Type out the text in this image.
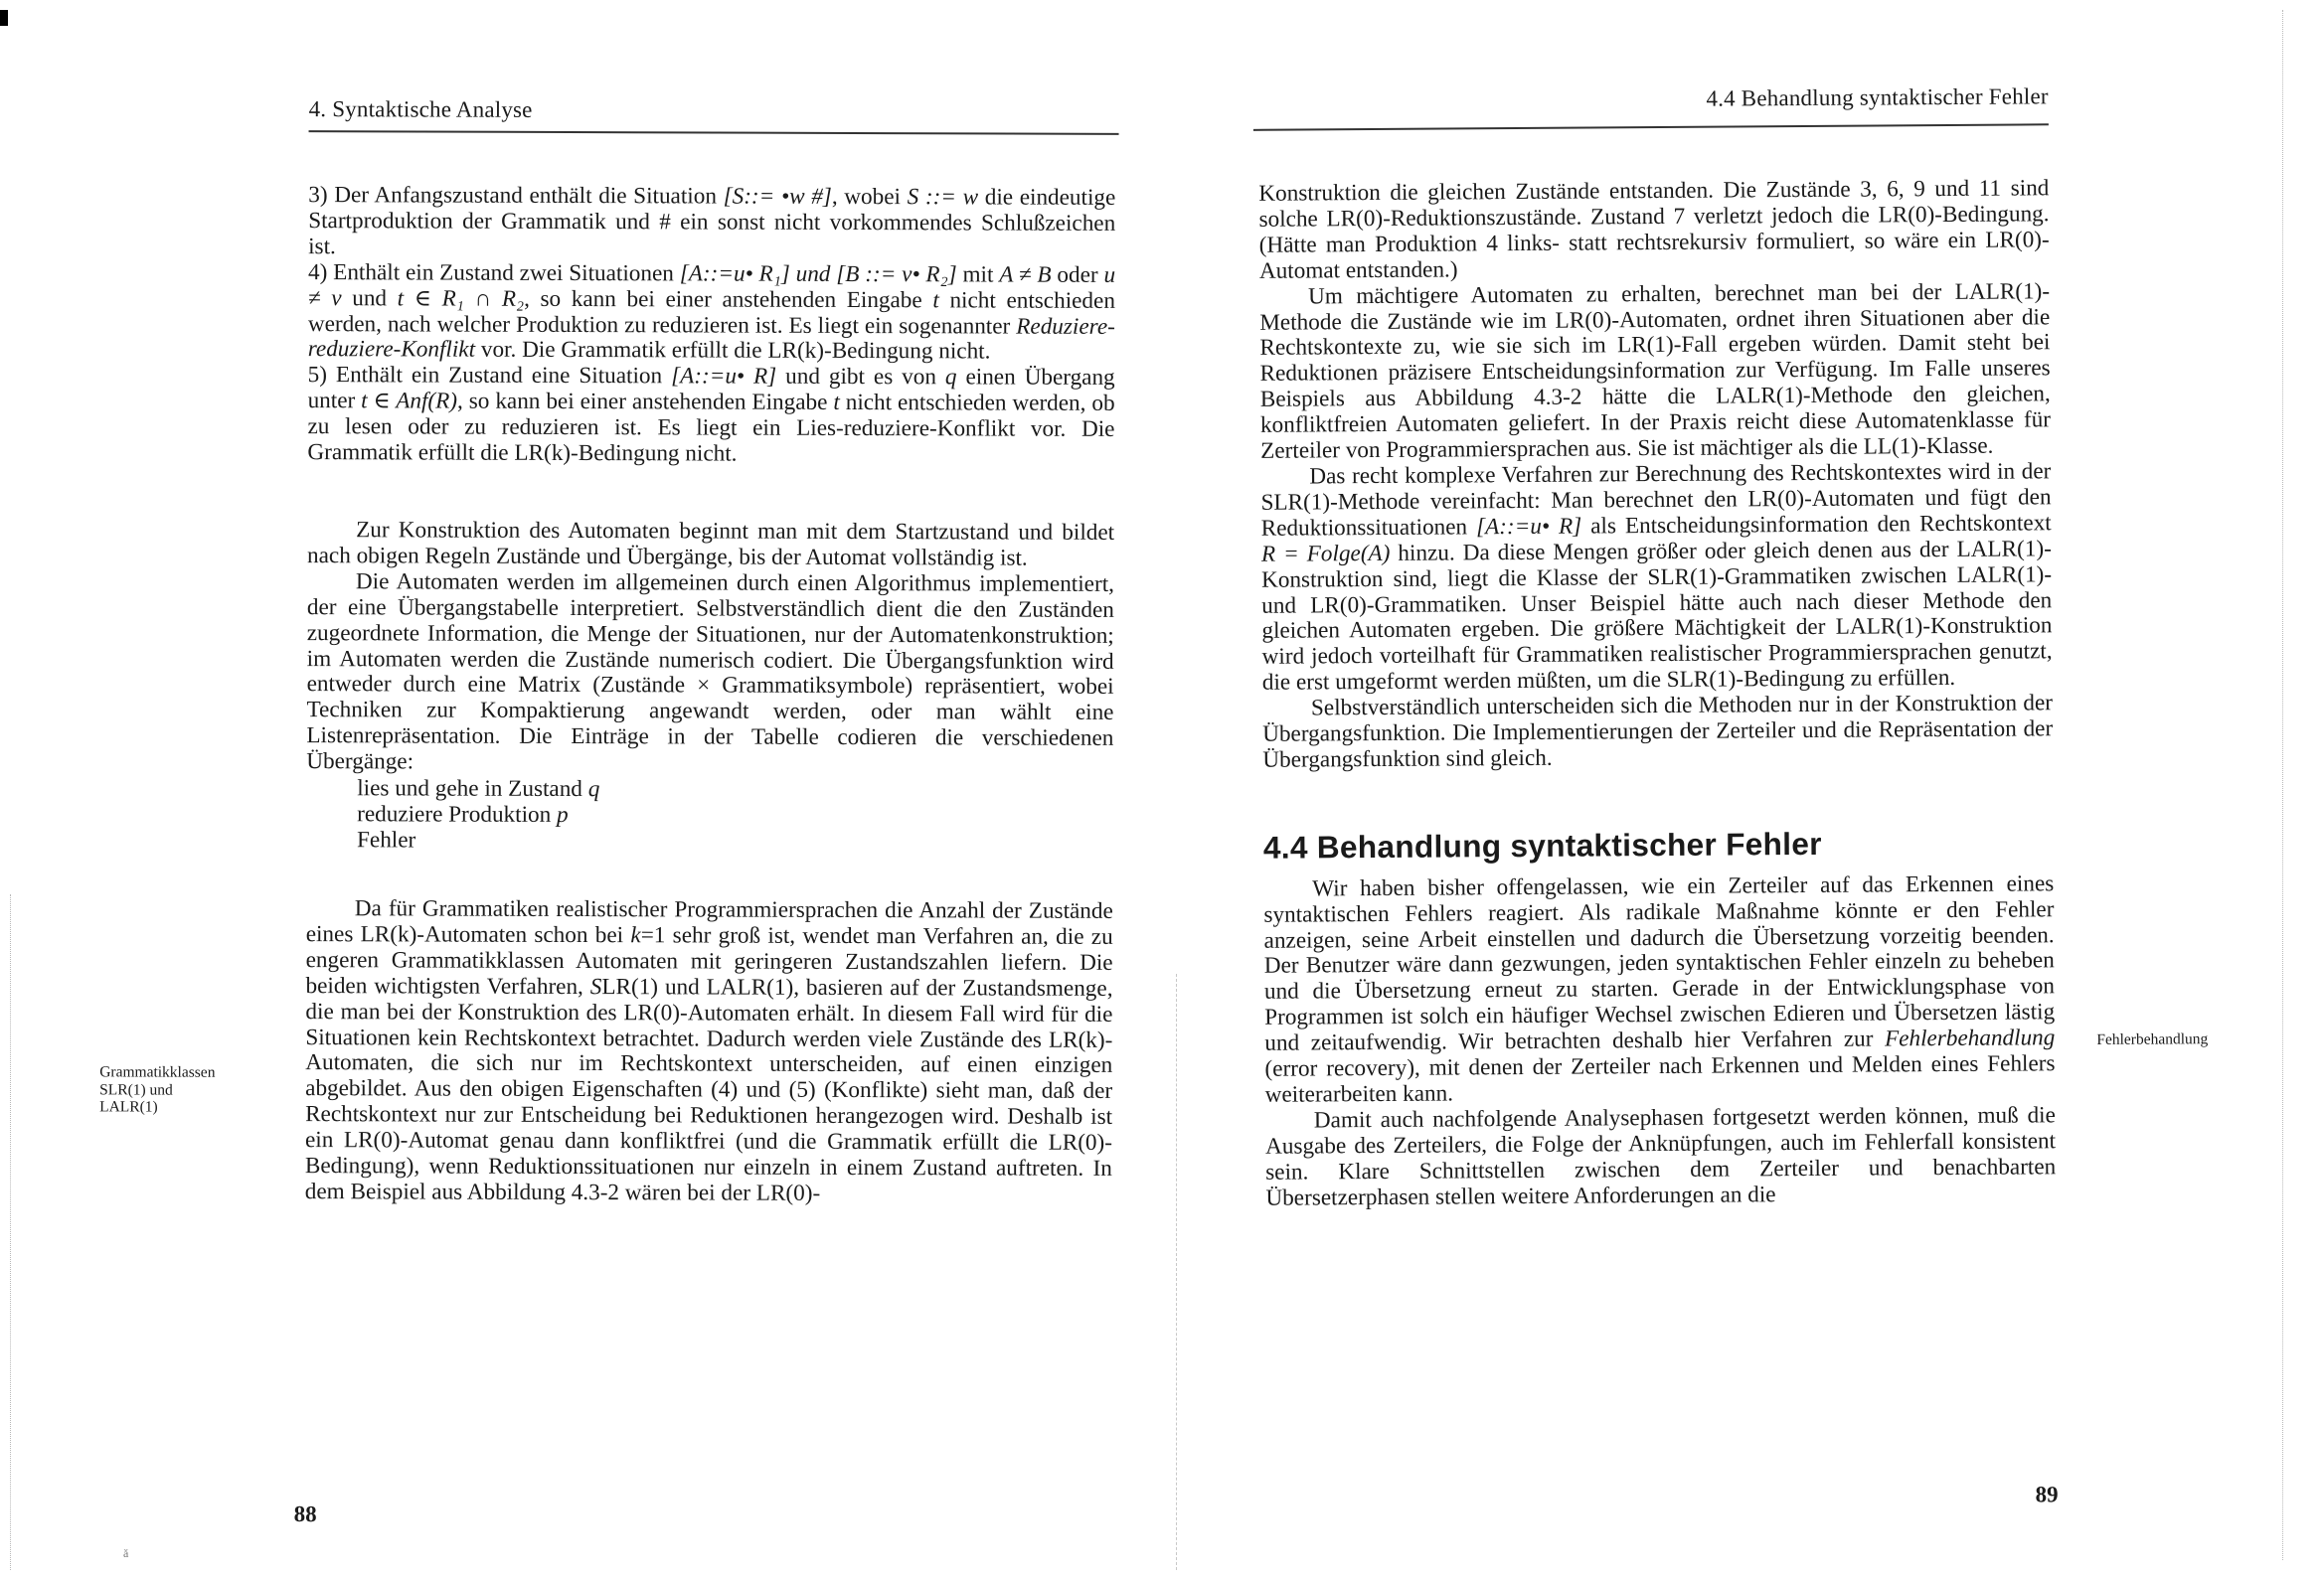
ǎ
4. Syntaktische Analyse

3) Der Anfangszustand enthält die Situation [S::= •w #], wobei S ::= w die eindeutige Startproduktion der Grammatik und # ein sonst nicht vorkommendes Schlußzeichen ist.

4) Enthält ein Zustand zwei Situationen [A::=u• R₁] und [B ::= v• R₂] mit A ≠ B oder u ≠ v und t ∈ R₁ ∩ R₂, so kann bei einer anstehenden Eingabe t nicht entschieden werden, nach welcher Produktion zu reduzieren ist. Es liegt ein sogenannter Reduziere-reduziere-Konflikt vor. Die Grammatik erfüllt die LR(k)-Bedingung nicht.

5) Enthält ein Zustand eine Situation [A::=u• R] und gibt es von q einen Übergang unter t ∈ Anf(R), so kann bei einer anstehenden Eingabe t nicht entschieden werden, ob zu lesen oder zu reduzieren ist. Es liegt ein Lies-reduziere-Konflikt vor. Die Grammatik erfüllt die LR(k)-Bedingung nicht.

Zur Konstruktion des Automaten beginnt man mit dem Startzustand und bildet nach obigen Regeln Zustände und Übergänge, bis der Automat vollständig ist.

Die Automaten werden im allgemeinen durch einen Algorithmus implementiert, der eine Übergangstabelle interpretiert. Selbstverständlich dient die den Zuständen zugeordnete Information, die Menge der Situationen, nur der Automatenkonstruktion; im Automaten werden die Zustände numerisch codiert. Die Übergangsfunktion wird entweder durch eine Matrix (Zustände × Grammatiksymbole) repräsentiert, wobei Techniken zur Kompaktierung angewandt werden, oder man wählt eine Listenrepräsentation. Die Einträge in der Tabelle codieren die verschiedenen Übergänge:

lies und gehe in Zustand q
reduziere Produktion p
Fehler

Da für Grammatiken realistischer Programmiersprachen die Anzahl der Zustände eines LR(k)-Automaten schon bei k=1 sehr groß ist, wendet man Verfahren an, die zu engeren Grammatikklassen Automaten mit geringeren Zustandszahlen liefern. Die beiden wichtigsten Verfahren, SLR(1) und LALR(1), basieren auf der Zustandsmenge, die man bei der Konstruktion des LR(0)-Automaten erhält. In diesem Fall wird für die Situationen kein Rechtskontext betrachtet. Dadurch werden viele Zustände des LR(k)-Automaten, die sich nur im Rechtskontext unterscheiden, auf einen einzigen abgebildet. Aus den obigen Eigenschaften (4) und (5) (Konflikte) sieht man, daß der Rechtskontext nur zur Entscheidung bei Reduktionen herangezogen wird. Deshalb ist ein LR(0)-Automat genau dann konfliktfrei (und die Grammatik erfüllt die LR(0)-Bedingung), wenn Reduktionssituationen nur einzeln in einem Zustand auftreten. In dem Beispiel aus Abbildung 4.3-2 wären bei der LR(0)-

Grammatikklassen
SLR(1) und
LALR(1)
88
4.4 Behandlung syntaktischer Fehler

Konstruktion die gleichen Zustände entstanden. Die Zustände 3, 6, 9 und 11 sind solche LR(0)-Reduktionszustände. Zustand 7 verletzt jedoch die LR(0)-Bedingung. (Hätte man Produktion 4 links- statt rechtsrekursiv formuliert, so wäre ein LR(0)-Automat entstanden.)

Um mächtigere Automaten zu erhalten, berechnet man bei der LALR(1)-Methode die Zustände wie im LR(0)-Automaten, ordnet ihren Situationen aber die Rechtskontexte zu, wie sie sich im LR(1)-Fall ergeben würden. Damit steht bei Reduktionen präzisere Entscheidungsinformation zur Verfügung. Im Falle unseres Beispiels aus Abbildung 4.3-2 hätte die LALR(1)-Methode den gleichen, konfliktfreien Automaten geliefert. In der Praxis reicht diese Automatenklasse für Zerteiler von Programmiersprachen aus. Sie ist mächtiger als die LL(1)-Klasse.

Das recht komplexe Verfahren zur Berechnung des Rechtskontextes wird in der SLR(1)-Methode vereinfacht: Man berechnet den LR(0)-Automaten und fügt den Reduktionssituationen [A::=u• R] als Entscheidungsinformation den Rechtskontext R = Folge(A) hinzu. Da diese Mengen größer oder gleich denen aus der LALR(1)-Konstruktion sind, liegt die Klasse der SLR(1)-Grammatiken zwischen LALR(1)- und LR(0)-Grammatiken. Unser Beispiel hätte auch nach dieser Methode den gleichen Automaten ergeben. Die größere Mächtigkeit der LALR(1)-Konstruktion wird jedoch vorteilhaft für Grammatiken realistischer Programmiersprachen genutzt, die erst umgeformt werden müßten, um die SLR(1)-Bedingung zu erfüllen.

Selbstverständlich unterscheiden sich die Methoden nur in der Konstruktion der Übergangsfunktion. Die Implementierungen der Zerteiler und die Repräsentation der Übergangsfunktion sind gleich.

4.4 Behandlung syntaktischer Fehler

Wir haben bisher offengelassen, wie ein Zerteiler auf das Erkennen eines syntaktischen Fehlers reagiert. Als radikale Maßnahme könnte er den Fehler anzeigen, seine Arbeit einstellen und dadurch die Übersetzung vorzeitig beenden. Der Benutzer wäre dann gezwungen, jeden syntaktischen Fehler einzeln zu beheben und die Übersetzung erneut zu starten. Gerade in der Entwicklungsphase von Programmen ist solch ein häufiger Wechsel zwischen Edieren und Übersetzen lästig und zeitaufwendig. Wir betrachten deshalb hier Verfahren zur Fehlerbehandlung (error recovery), mit denen der Zerteiler nach Erkennen und Melden eines Fehlers weiterarbeiten kann.

Damit auch nachfolgende Analysephasen fortgesetzt werden können, muß die Ausgabe des Zerteilers, die Folge der Anknüpfungen, auch im Fehlerfall konsistent sein. Klare Schnittstellen zwischen dem Zerteiler und benachbarten Übersetzerphasen stellen weitere Anforderungen an die

Fehlerbehandlung
89
